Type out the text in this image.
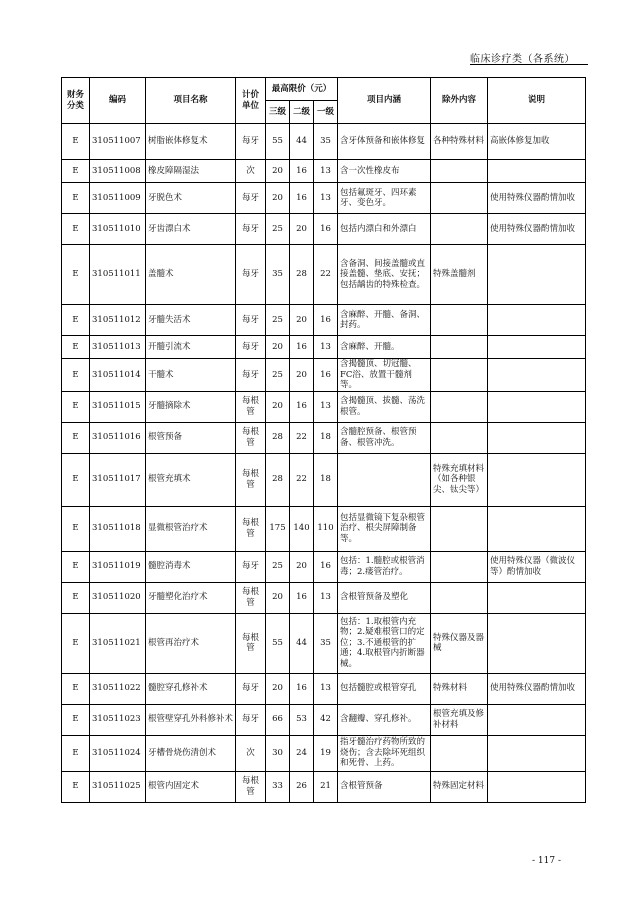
临床诊疗类（各系统）
财务分类	编码	项目名称	计价单位	最高限价（元）			项目内涵	除外内容	说明
				三级	二级	一级			
E	310511007	树脂嵌体修复术	每牙	55	44	35	含牙体预备和嵌体修复	各种特殊材料	高嵌体修复加收
E	310511008	橡皮障隔湿法	次	20	16	13	含一次性橡皮布		
E	310511009	牙脱色术	每牙	20	16	13	包括氟斑牙、四环素牙、变色牙。		使用特殊仪器酌情加收
E	310511010	牙齿漂白术	每牙	25	20	16	包括内漂白和外漂白		使用特殊仪器酌情加收
E	310511011	盖髓术	每牙	35	28	22	含备洞、间接盖髓或直接盖髓、垫底、安抚；包括龋齿的特殊检查。	特殊盖髓剂	
E	310511012	牙髓失活术	每牙	25	20	16	含麻醉、开髓、备洞、封药。		
E	310511013	开髓引流术	每牙	20	16	13	含麻醉、开髓。		
E	310511014	干髓术	每牙	25	20	16	含揭髓顶、切冠髓、FC浴、放置干髓剂等。		
E	310511015	牙髓摘除术	每根管	20	16	13	含揭髓顶、拔髓、荡洗根管。		
E	310511016	根管预备	每根管	28	22	18	含髓腔预备、根管预备、根管冲洗。		
E	310511017	根管充填术	每根管	28	22	18		特殊充填材料（如各种银尖、钛尖等）	
E	310511018	显微根管治疗术	每根管	175	140	110	包括显微镜下复杂根管治疗、根尖屏障制备等。		
E	310511019	髓腔消毒术	每牙	25	20	16	包括：1.髓腔或根管消毒；2.瘘管治疗。		使用特殊仪器（微波仪等）酌情加收
E	310511020	牙髓塑化治疗术	每根管	20	16	13	含根管预备及塑化		
E	310511021	根管再治疗术	每根管	55	44	35	包括：1.取根管内充物；2.疑难根管口的定位；3.不通根管的扩通；4.取根管内折断器械。	特殊仪器及器械	
E	310511022	髓腔穿孔修补术	每牙	20	16	13	包括髓腔或根管穿孔	特殊材料	使用特殊仪器酌情加收
E	310511023	根管壁穿孔外科修补术	每牙	66	53	42	含翻瓣、穿孔修补。	根管充填及修补材料	
E	310511024	牙槽骨烧伤清创术	次	30	24	19	指牙髓治疗药物所致的烧伤；含去除坏死组织和死骨、上药。		
E	310511025	根管内固定术	每根管	33	26	21	含根管预备	特殊固定材料	
- 117 -
